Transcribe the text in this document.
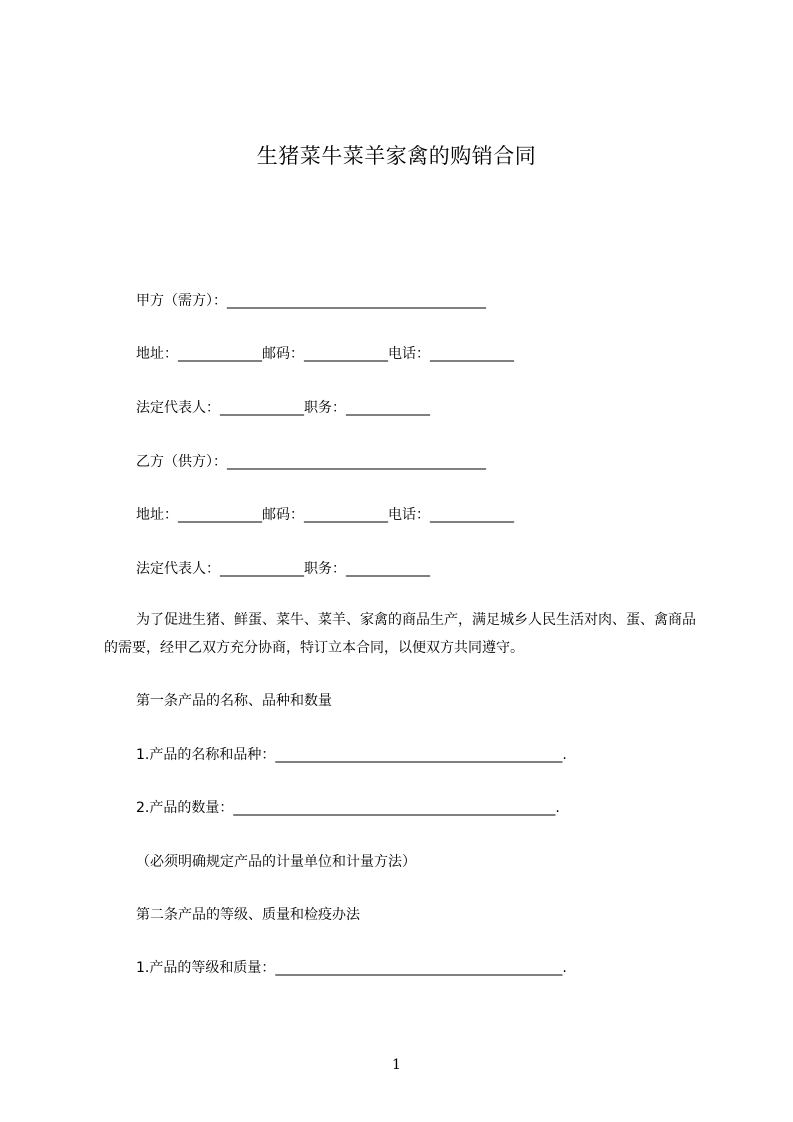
生猪菜牛菜羊家禽的购销合同

甲方（需方）：_____________________________________

地址：____________邮码：____________电话：____________

法定代表人：____________职务：____________

乙方（供方）：_____________________________________

地址：____________邮码：____________电话：____________

法定代表人：____________职务：____________

为了促进生猪、鲜蛋、菜牛、菜羊、家禽的商品生产，满足城乡人民生活对肉、蛋、禽商品的需要，经甲乙双方充分协商，特订立本合同，以便双方共同遵守。

第一条产品的名称、品种和数量

1.产品的名称和品种：_________________________________________.

2.产品的数量：______________________________________________.

（必须明确规定产品的计量单位和计量方法）

第二条产品的等级、质量和检疫办法

1.产品的等级和质量：_________________________________________.

1
